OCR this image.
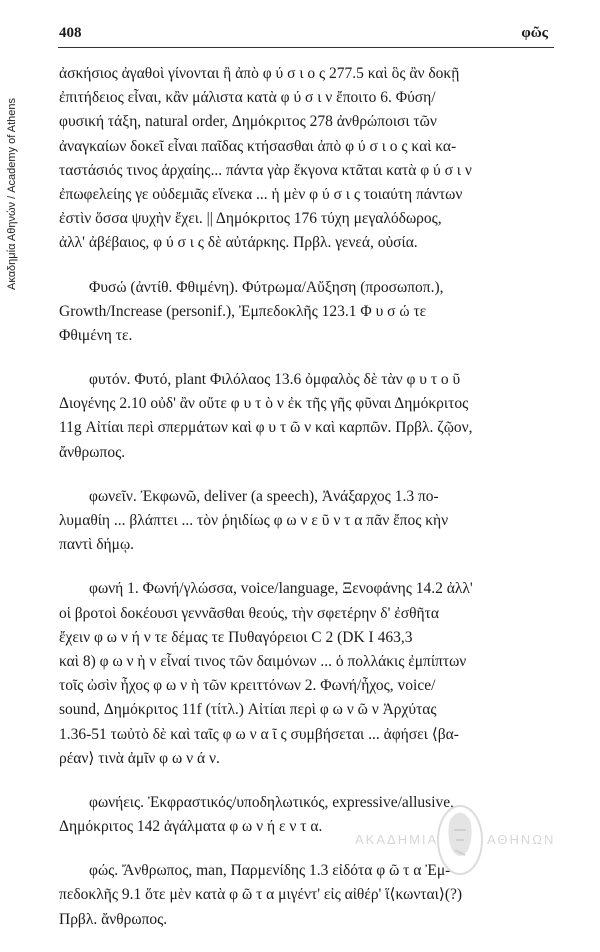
Ακαδημία Αθηνών / Academy of Athens
408	φῶς
ἀσκήσιος ἀγαθοὶ γίνονται ἢ ἀπὸ φ ύ σ ι ο ς 277.5 καὶ ὃς ἂν δοκῇ
ἐπιτήδειος εἶναι, κἂν μάλιστα κατὰ φ ύ σ ι ν ἔποιτο 6. Φύση/
φυσική τάξη, natural order, Δημόκριτος 278 ἀνθρώποισι τῶν
ἀναγκαίων δοκεῖ εἶναι παῖδας κτήσασθαι ἀπὸ φ ύ σ ι ο ς καὶ κα-
ταστάσιός τινος ἀρχαίης... πάντα γὰρ ἔκγονα κτᾶται κατὰ φ ύ σ ι ν
ἐπωφελείης γε οὐδεμιᾶς εἵνεκα ... ἡ μὲν φ ύ σ ι ς τοιαύτη πάντων
ἐστὶν ὅσσα ψυχὴν ἔχει. || Δημόκριτος 176 τύχη μεγαλόδωρος,
ἀλλ' ἀβέβαιος, φ ύ σ ι ς δὲ αὐτάρκης. Πρβλ. γενεά, οὐσία.
Φυσώ (ἀντίθ. Φθιμένη). Φύτρωμα/Αὔξηση (προσωποπ.),
Growth/Increase (personif.), Ἐμπεδοκλῆς 123.1 Φ υ σ ώ τε
Φθιμένη τε.
φυτόν. Φυτό, plant Φιλόλαος 13.6 ὀμφαλὸς δὲ τὰν φ υ τ ο ῦ
Διογένης 2.10 οὐδ' ἂν οὔτε φ υ τ ὸ ν ἐκ τῆς γῆς φῦναι Δημόκριτος
11g Αἰτίαι περὶ σπερμάτων καὶ φ υ τ ῶ ν καὶ καρπῶν. Πρβλ. ζῷον,
ἄνθρωπος.
φωνεῖν. Ἐκφωνῶ, deliver (a speech), Ἀνάξαρχος 1.3 πο-
λυμαθίη ... βλάπτει ... τὸν ῥηιδίως φ ω ν ε ῦ ν τ α πᾶν ἔπος κὴν
παντὶ δήμῳ.
φωνή 1. Φωνή/γλώσσα, voice/language, Ξενοφάνης 14.2 ἀλλ'
οἱ βροτοὶ δοκέουσι γεννᾶσθαι θεούς, τὴν σφετέρην δ' ἐσθῆτα
ἔχειν φ ω ν ή ν τε δέμας τε Πυθαγόρειοι C 2 (DK I 463,3
καὶ 8) φ ω ν ὴ ν εἶναί τινος τῶν δαιμόνων ... ὁ πολλάκις ἐμπίπτων
τοῖς ὠσὶν ἦχος φ ω ν ὴ τῶν κρειττόνων 2. Φωνή/ἦχος, voice/
sound, Δημόκριτος 11f (τίτλ.) Αἰτίαι περὶ φ ω ν ῶ ν Ἀρχύτας
1.36-51 τωὐτὸ δὲ καὶ ταῖς φ ω ν α ῖ ς συμβήσεται ... ἀφήσει ⟨βα-
ρέαν⟩ τινὰ ἀμῖν φ ω ν ά ν.
φωνήεις. Ἐκφραστικός/υποδηλωτικός, expressive/allusive,
Δημόκριτος 142 ἀγάλματα φ ω ν ή ε ν τ α.
φώς. Ἄνθρωπος, man, Παρμενίδης 1.3 εἰδότα φ ῶ τ α Ἐμ-
πεδοκλῆς 9.1 ὅτε μὲν κατὰ φ ῶ τ α μιγέντ' εἰς αἰθέρ' ἵ⟨κωνται⟩(?)
Πρβλ. ἄνθρωπος.
ΑΚΑΔΗΜΙΑ	ΑΘΗΝΩΝ
